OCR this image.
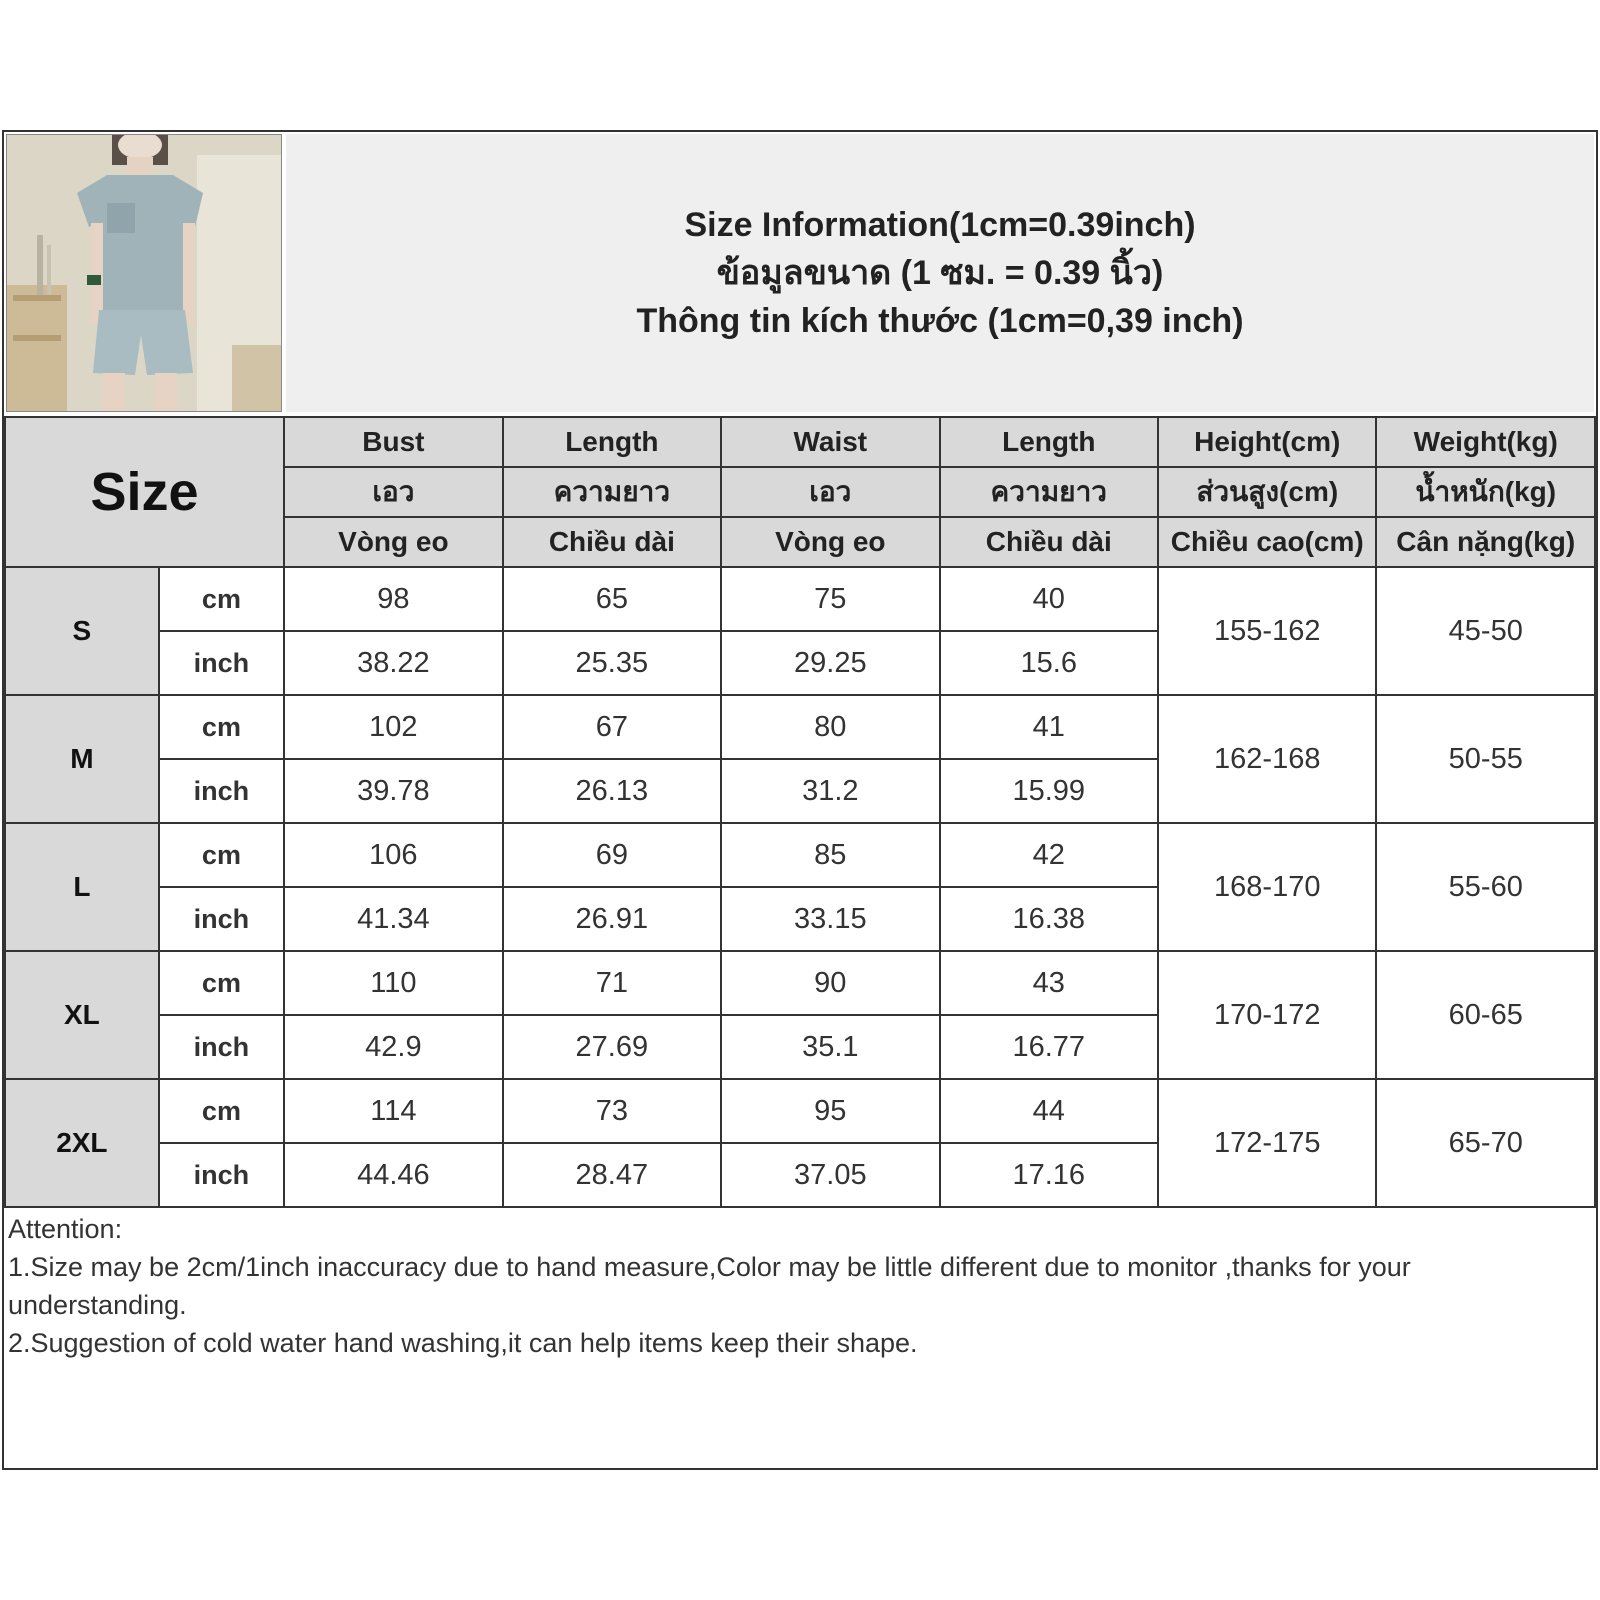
Size Information(1cm=0.39inch)
ข้อมูลขนาด (1 ซม. = 0.39 นิ้ว)
Thông tin kích thước (1cm=0,39 inch)
Size		Bust	Length	Waist	Length	Height(cm)	Weight(kg)
		เอว	ความยาว	เอว	ความยาว	ส่วนสูง(cm)	น้ำหนัก(kg)
		Vòng eo	Chiều dài	Vòng eo	Chiều dài	Chiều cao(cm)	Cân nặng(kg)
S	cm	98	65	75	40	155-162	45-50
	inch	38.22	25.35	29.25	15.6		
M	cm	102	67	80	41	162-168	50-55
	inch	39.78	26.13	31.2	15.99		
L	cm	106	69	85	42	168-170	55-60
	inch	41.34	26.91	33.15	16.38		
XL	cm	110	71	90	43	170-172	60-65
	inch	42.9	27.69	35.1	16.77		
2XL	cm	114	73	95	44	172-175	65-70
	inch	44.46	28.47	37.05	17.16		
Attention:
1.Size may be 2cm/1inch inaccuracy due to hand measure,Color may be little different due to monitor ,thanks for your understanding.
2.Suggestion of cold water hand washing,it can help items keep their shape.
